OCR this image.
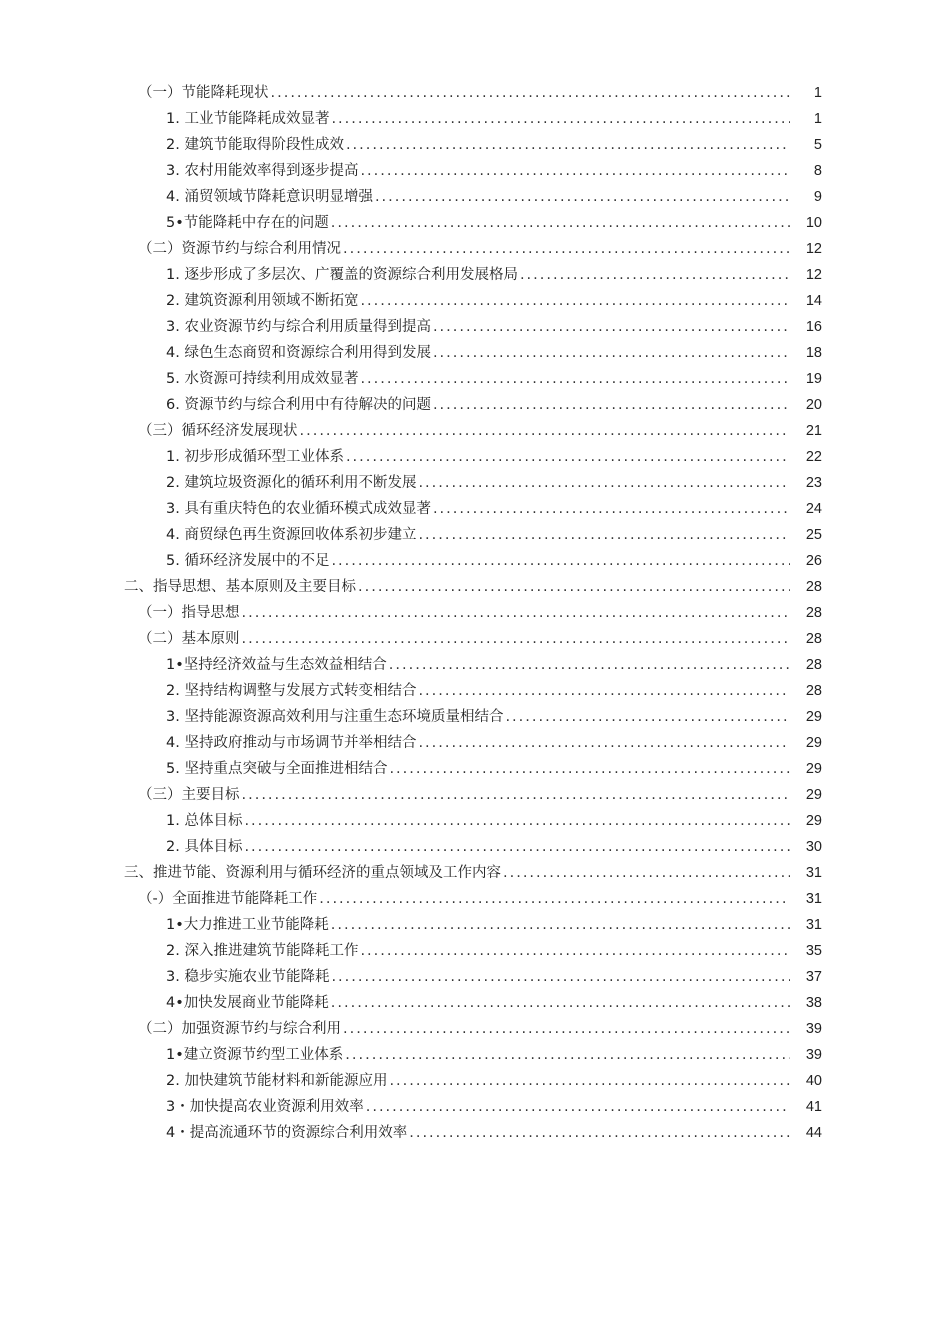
（一）节能降耗现状 .....	1
1. 工业节能降耗成效显著 .....	1
2. 建筑节能取得阶段性成效 .....	5
3. 农村用能效率得到逐步提高 .....	8
4. 涌贸领域节降耗意识明显增强 .....	9
5•节能降耗中存在的问题 .....	10
（二）资源节约与综合利用情况 .....	12
1. 逐步形成了多层次、广覆盖的资源综合利用发展格局 .....	12
2. 建筑资源利用领域不断拓宽 .....	14
3. 农业资源节约与综合利用质量得到提高 .....	16
4. 绿色生态商贸和资源综合利用得到发展 .....	18
5. 水资源可持续利用成效显著 .....	19
6. 资源节约与综合利用中有待解决的问题 .....	20
（三）循环经济发展现状 .....	21
1. 初步形成循环型工业体系 .....	22
2. 建筑垃圾资源化的循环利用不断发展 .....	23
3. 具有重庆特色的农业循环模式成效显著 .....	24
4. 商贸绿色再生资源回收体系初步建立 .....	25
5. 循环经济发展中的不足 .....	26
二、指导思想、基本原则及主要目标 .....	28
（一）指导思想 .....	28
（二）基本原则 .....	28
1•坚持经济效益与生态效益相结合 .....	28
2. 坚持结构调整与发展方式转变相结合 .....	28
3. 坚持能源资源高效利用与注重生态环境质量相结合 .....	29
4. 坚持政府推动与市场调节并举相结合 .....	29
5. 坚持重点突破与全面推进相结合 .....	29
（三）主要目标 .....	29
1. 总体目标 .....	29
2. 具体目标 .....	30
三、推进节能、资源利用与循环经济的重点领域及工作内容 .....	31
（-）全面推进节能降耗工作 .....	31
1•大力推进工业节能降耗 .....	31
2. 深入推进建筑节能降耗工作 .....	35
3. 稳步实施农业节能降耗 .....	37
4•加快发展商业节能降耗 .....	38
（二）加强资源节约与综合利用 .....	39
1•建立资源节约型工业体系 .....	39
2. 加快建筑节能材料和新能源应用 .....	40
3・加快提高农业资源利用效率 .....	41
4・提高流通环节的资源综合利用效率 .....	44
